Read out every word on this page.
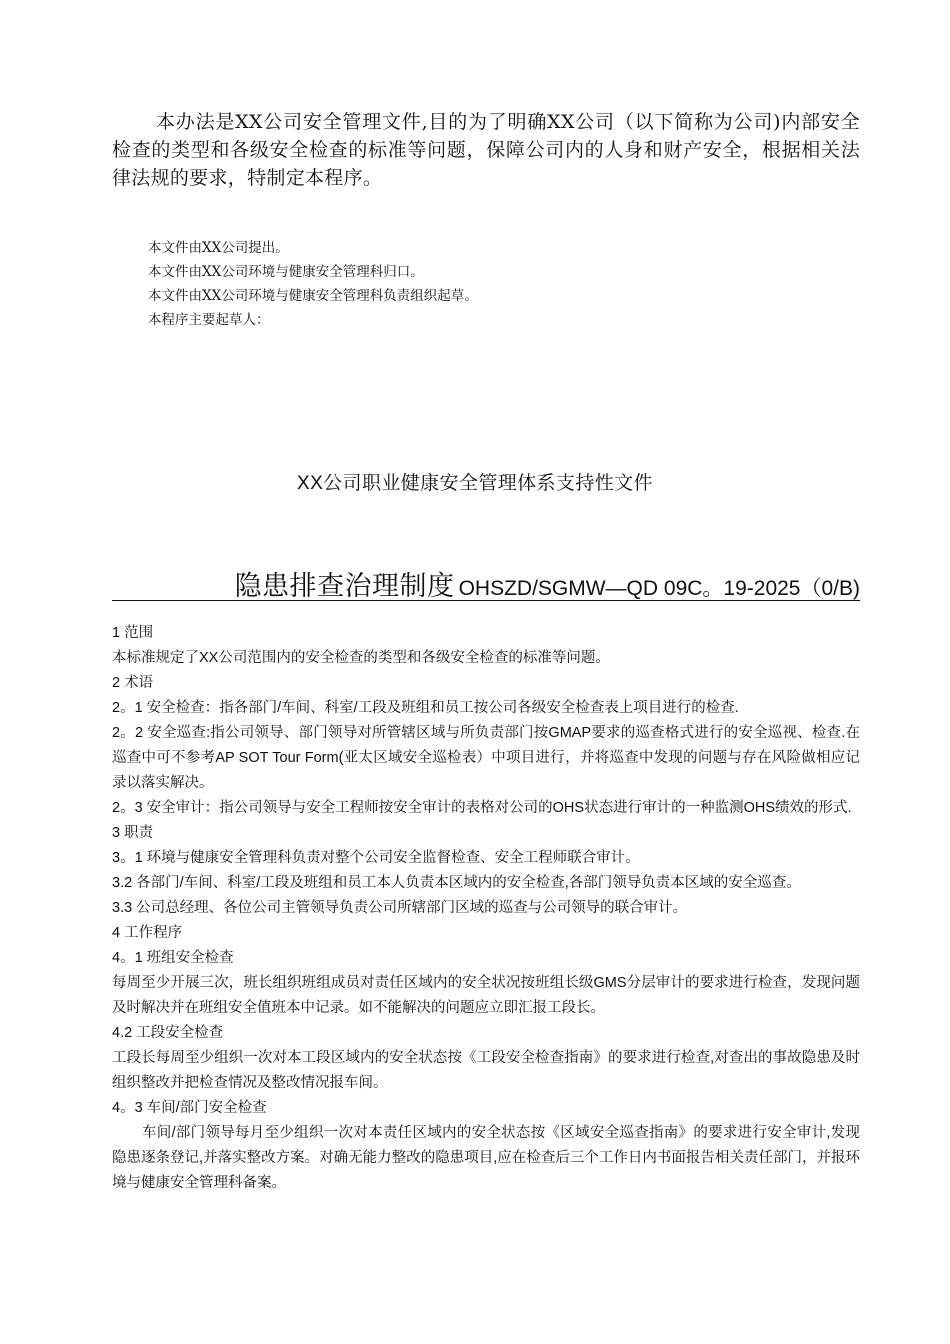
本办法是XX公司安全管理文件,目的为了明确XX公司（以下简称为公司)内部安全检查的类型和各级安全检查的标准等问题，保障公司内的人身和财产安全，根据相关法律法规的要求，特制定本程序。

本文件由XX公司提出。
本文件由XX公司环境与健康安全管理科归口。
本文件由XX公司环境与健康安全管理科负责组织起草。
本程序主要起草人：
XX公司职业健康安全管理体系支持性文件
隐患排查治理制度 OHSZD/SGMW—QD 09C。19-2025（0/B)

1 范围

本标准规定了XX公司范围内的安全检查的类型和各级安全检查的标准等问题。

2 术语

2。1 安全检查：指各部门/车间、科室/工段及班组和员工按公司各级安全检查表上项目进行的检查.

2。2 安全巡查:指公司领导、部门领导对所管辖区域与所负责部门按GMAP要求的巡查格式进行的安全巡视、检查.在巡查中可不参考AP SOT Tour Form(亚太区域安全巡检表）中项目进行，并将巡查中发现的问题与存在风险做相应记录以落实解决。

2。3 安全审计：指公司领导与安全工程师按安全审计的表格对公司的OHS状态进行审计的一种监测OHS绩效的形式.

3 职责

3。1 环境与健康安全管理科负责对整个公司安全监督检查、安全工程师联合审计。

3.2 各部门/车间、科室/工段及班组和员工本人负责本区域内的安全检查,各部门领导负责本区域的安全巡查。

3.3 公司总经理、各位公司主管领导负责公司所辖部门区域的巡查与公司领导的联合审计。

4 工作程序

4。1 班组安全检查

每周至少开展三次，班长组织班组成员对责任区域内的安全状况按班组长级GMS分层审计的要求进行检查，发现问题及时解决并在班组安全值班本中记录。如不能解决的问题应立即汇报工段长。

4.2 工段安全检查

工段长每周至少组织一次对本工段区域内的安全状态按《工段安全检查指南》的要求进行检查,对查出的事故隐患及时组织整改并把检查情况及整改情况报车间。

4。3 车间/部门安全检查

车间/部门领导每月至少组织一次对本责任区域内的安全状态按《区域安全巡查指南》的要求进行安全审计,发现隐患逐条登记,并落实整改方案。对确无能力整改的隐患项目,应在检查后三个工作日内书面报告相关责任部门，并报环境与健康安全管理科备案。
